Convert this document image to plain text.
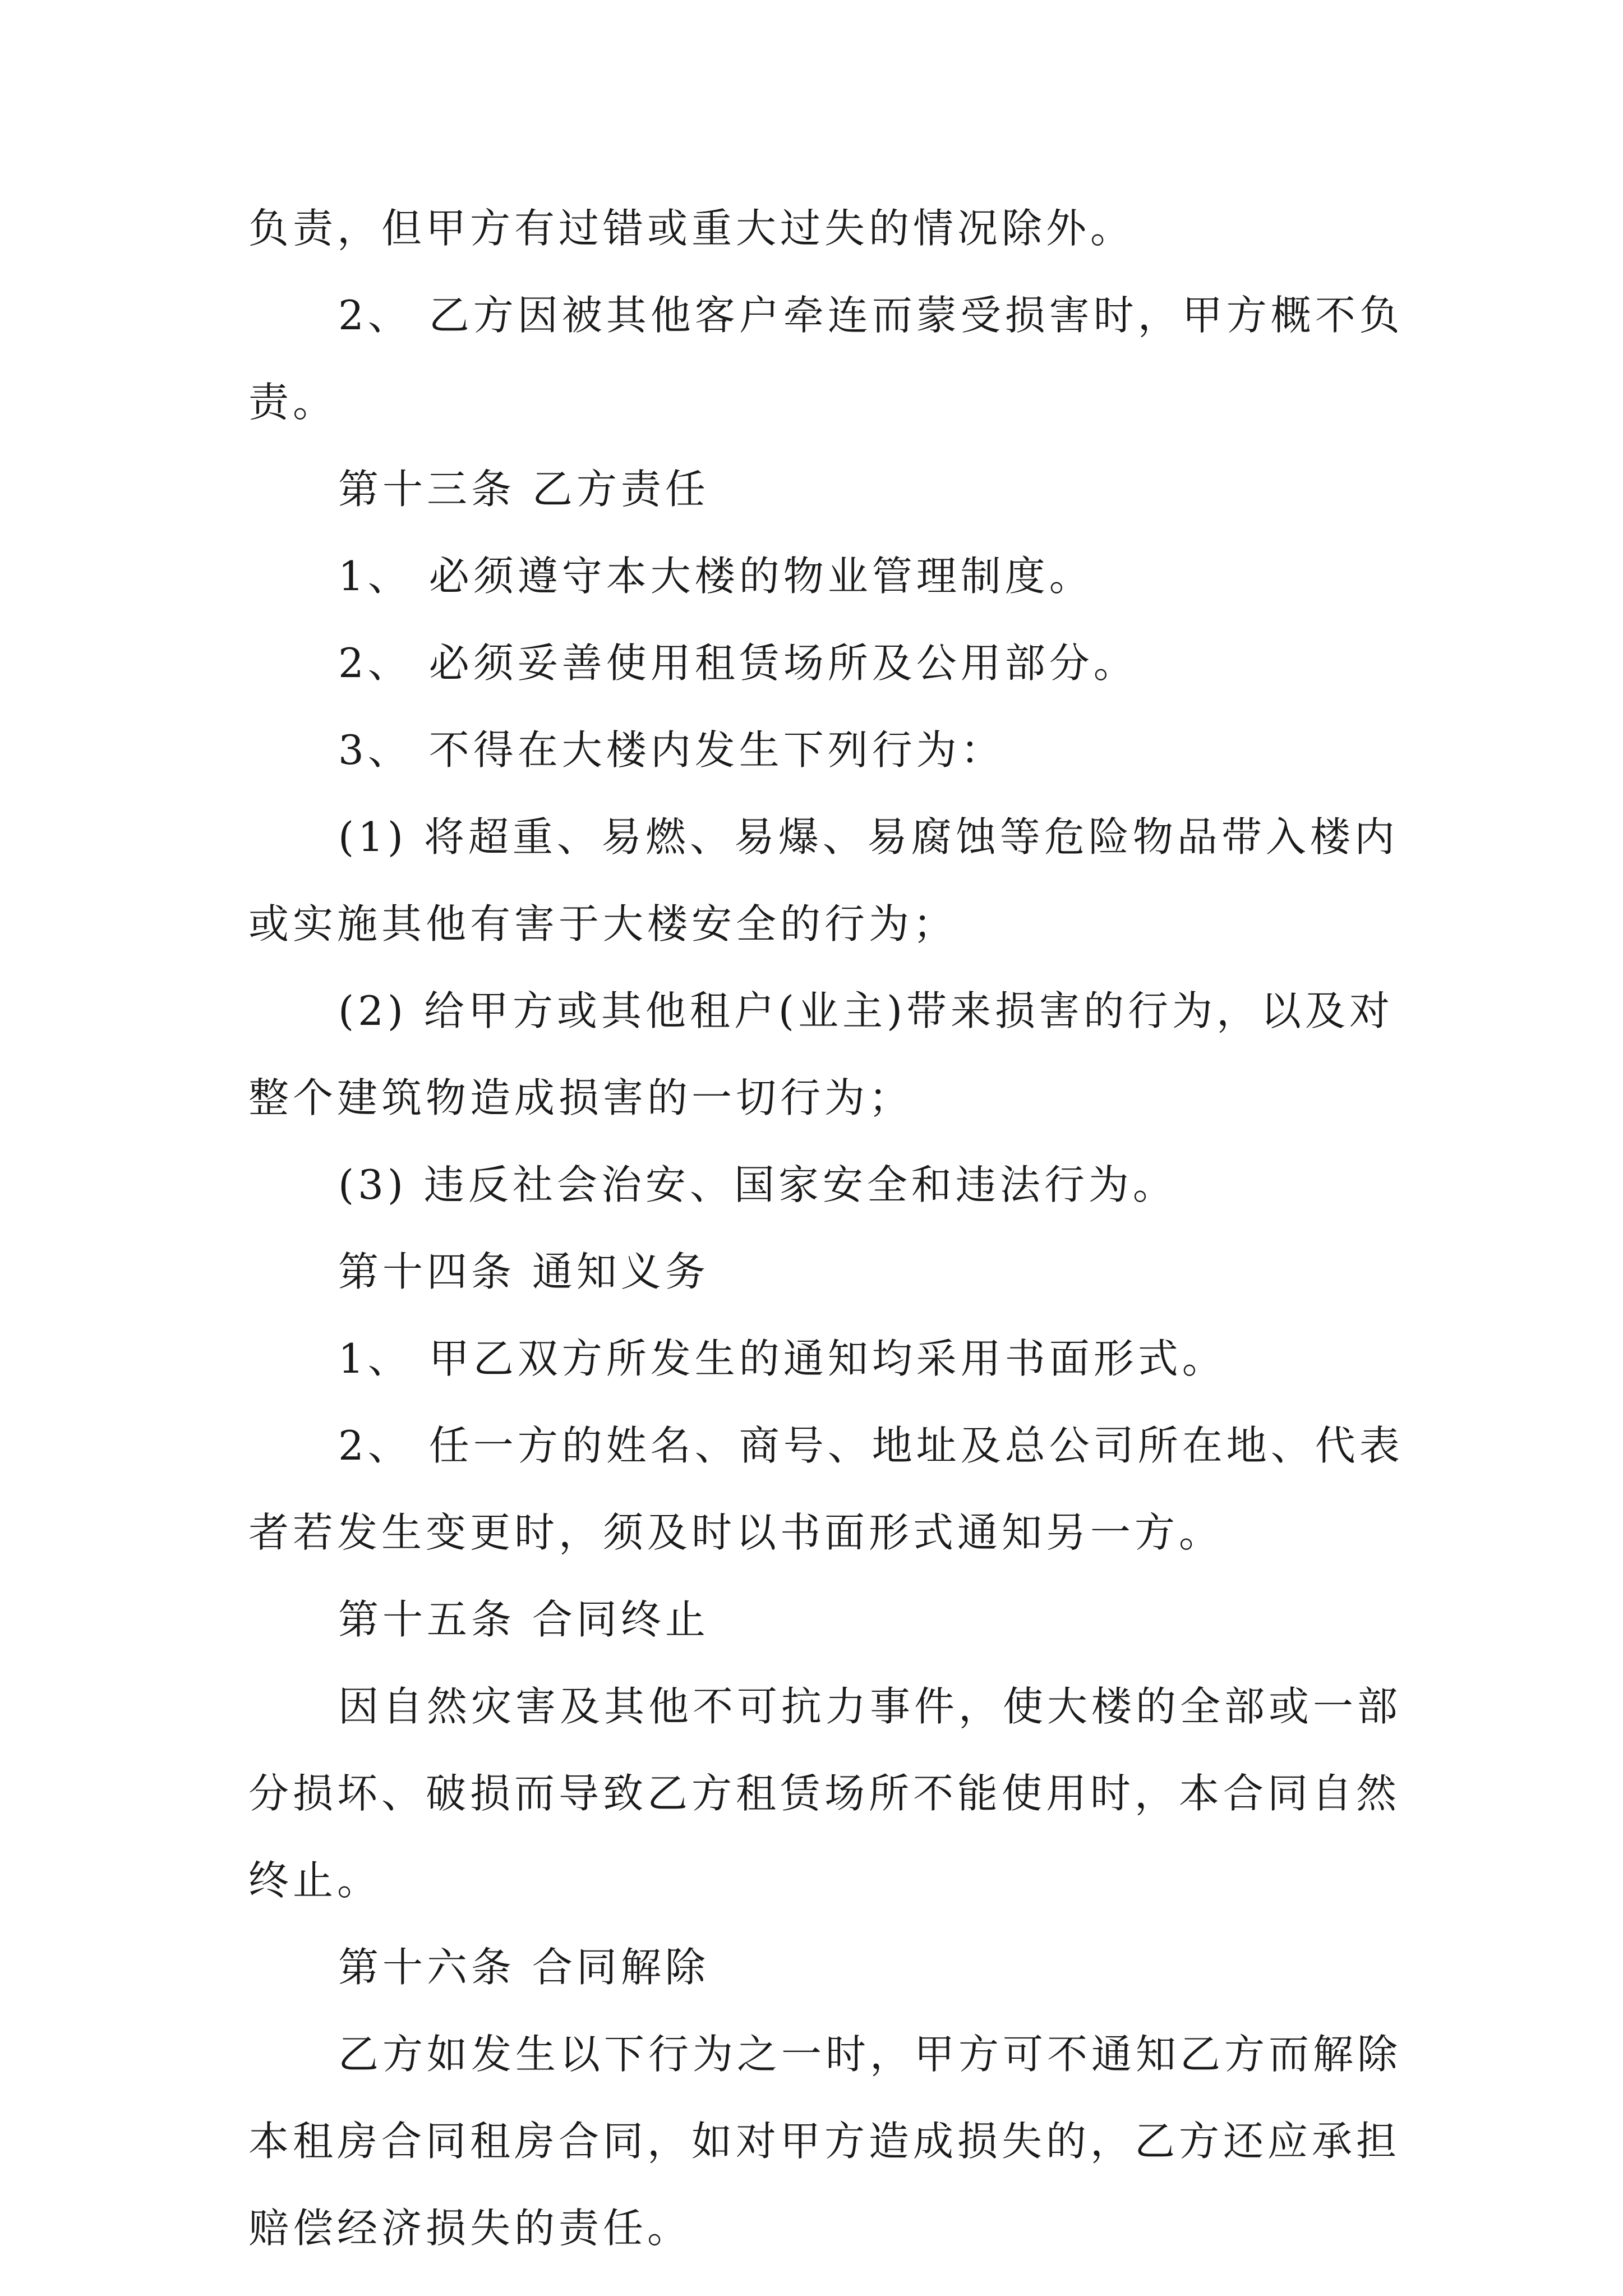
负责，但甲方有过错或重大过失的情况除外。
2、 乙方因被其他客户牵连而蒙受损害时，甲方概不负
责。
第十三条 乙方责任
1、 必须遵守本大楼的物业管理制度。
2、 必须妥善使用租赁场所及公用部分。
3、 不得在大楼内发生下列行为：
(1) 将超重、易燃、易爆、易腐蚀等危险物品带入楼内
或实施其他有害于大楼安全的行为；
(2) 给甲方或其他租户(业主)带来损害的行为，以及对
整个建筑物造成损害的一切行为；
(3) 违反社会治安、国家安全和违法行为。
第十四条 通知义务
1、 甲乙双方所发生的通知均采用书面形式。
2、 任一方的姓名、商号、地址及总公司所在地、代表
者若发生变更时，须及时以书面形式通知另一方。
第十五条 合同终止
因自然灾害及其他不可抗力事件，使大楼的全部或一部
分损坏、破损而导致乙方租赁场所不能使用时，本合同自然
终止。
第十六条 合同解除
乙方如发生以下行为之一时，甲方可不通知乙方而解除
本租房合同租房合同，如对甲方造成损失的，乙方还应承担
赔偿经济损失的责任。
